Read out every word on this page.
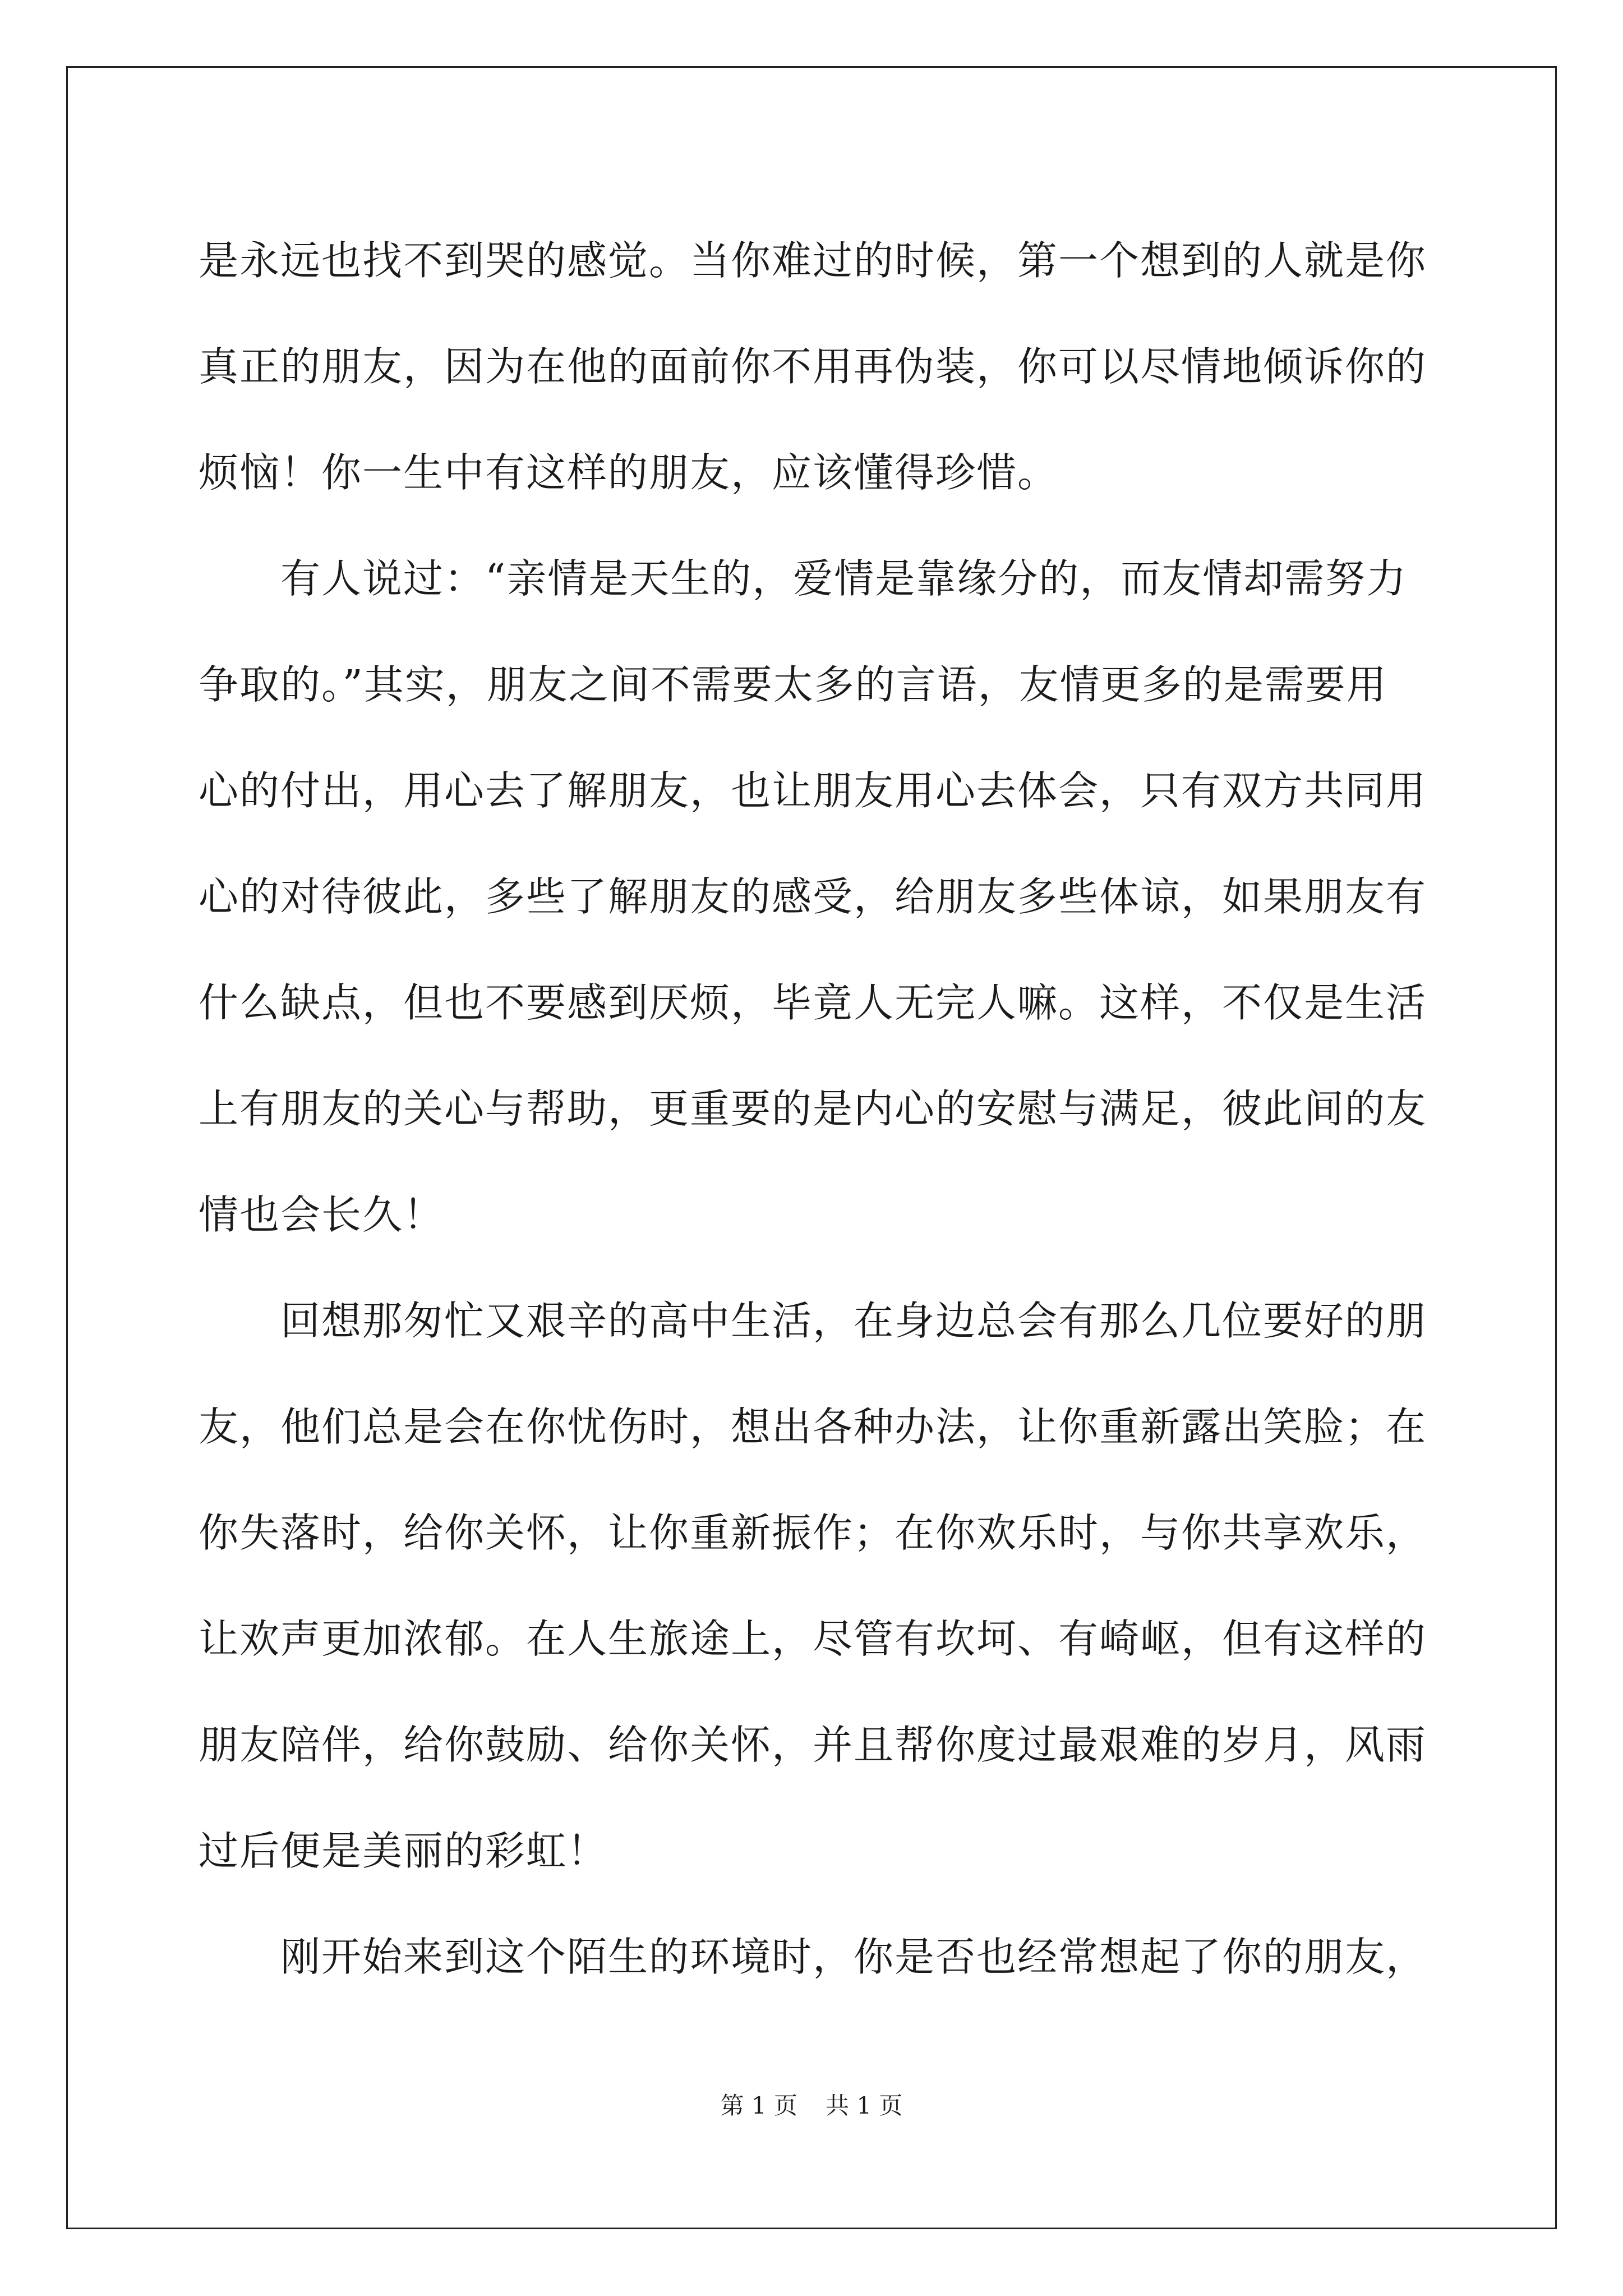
是永远也找不到哭的感觉。当你难过的时候，第一个想到的人就是你
真正的朋友，因为在他的面前你不用再伪装，你可以尽情地倾诉你的
烦恼！你一生中有这样的朋友，应该懂得珍惜。
　　有人说过：“亲情是天生的，爱情是靠缘分的，而友情却需努力
争取的。”其实，朋友之间不需要太多的言语，友情更多的是需要用
心的付出，用心去了解朋友，也让朋友用心去体会，只有双方共同用
心的对待彼此，多些了解朋友的感受，给朋友多些体谅，如果朋友有
什么缺点，但也不要感到厌烦，毕竟人无完人嘛。这样，不仅是生活
上有朋友的关心与帮助，更重要的是内心的安慰与满足，彼此间的友
情也会长久！
　　回想那匆忙又艰辛的高中生活，在身边总会有那么几位要好的朋
友，他们总是会在你忧伤时，想出各种办法，让你重新露出笑脸；在
你失落时，给你关怀，让你重新振作；在你欢乐时，与你共享欢乐，
让欢声更加浓郁。在人生旅途上，尽管有坎坷、有崎岖，但有这样的
朋友陪伴，给你鼓励、给你关怀，并且帮你度过最艰难的岁月，风雨
过后便是美丽的彩虹！
　　刚开始来到这个陌生的环境时，你是否也经常想起了你的朋友，
第 1 页 共 1 页
